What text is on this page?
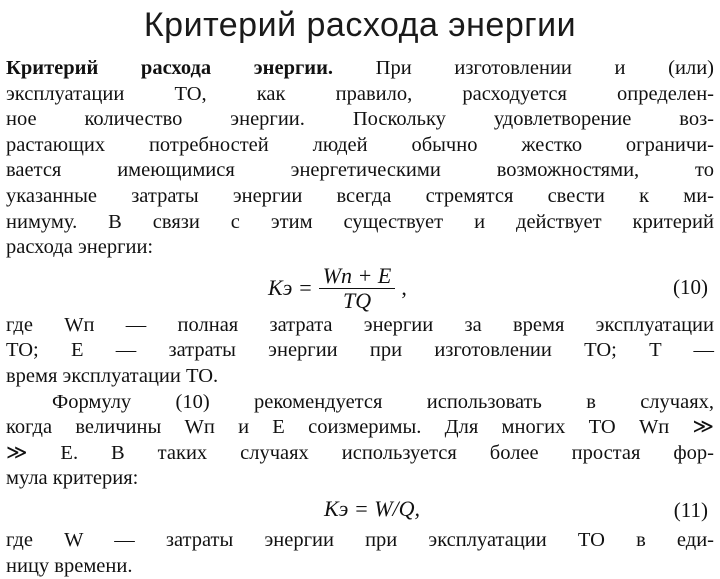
Критерий расхода энергии
Критерий расхода энергии. При изготовлении и (или)
эксплуатации ТО, как правило, расходуется определен-
ное количество энергии. Поскольку удовлетворение воз-
растающих потребностей людей обычно жестко ограничи-
вается имеющимися энергетическими возможностями, то
указанные затраты энергии всегда стремятся свести к ми-
нимуму. В связи с этим существует и действует критерий
расхода энергии:
Kэ = $\frac{Wп + E}{TQ}$ ,	(10)
где Wп — полная затрата энергии за время эксплуатации
ТО; E — затраты энергии при изготовлении ТО; T —
время эксплуатации ТО.
Формулу (10) рекомендуется использовать в случаях,
когда величины Wп и E соизмеримы. Для многих ТО Wп ≫
≫ E. В таких случаях используется более простая фор-
мула критерия:
Kэ = W/Q,	(11)
где W — затраты энергии при эксплуатации ТО в еди-
ницу времени.
